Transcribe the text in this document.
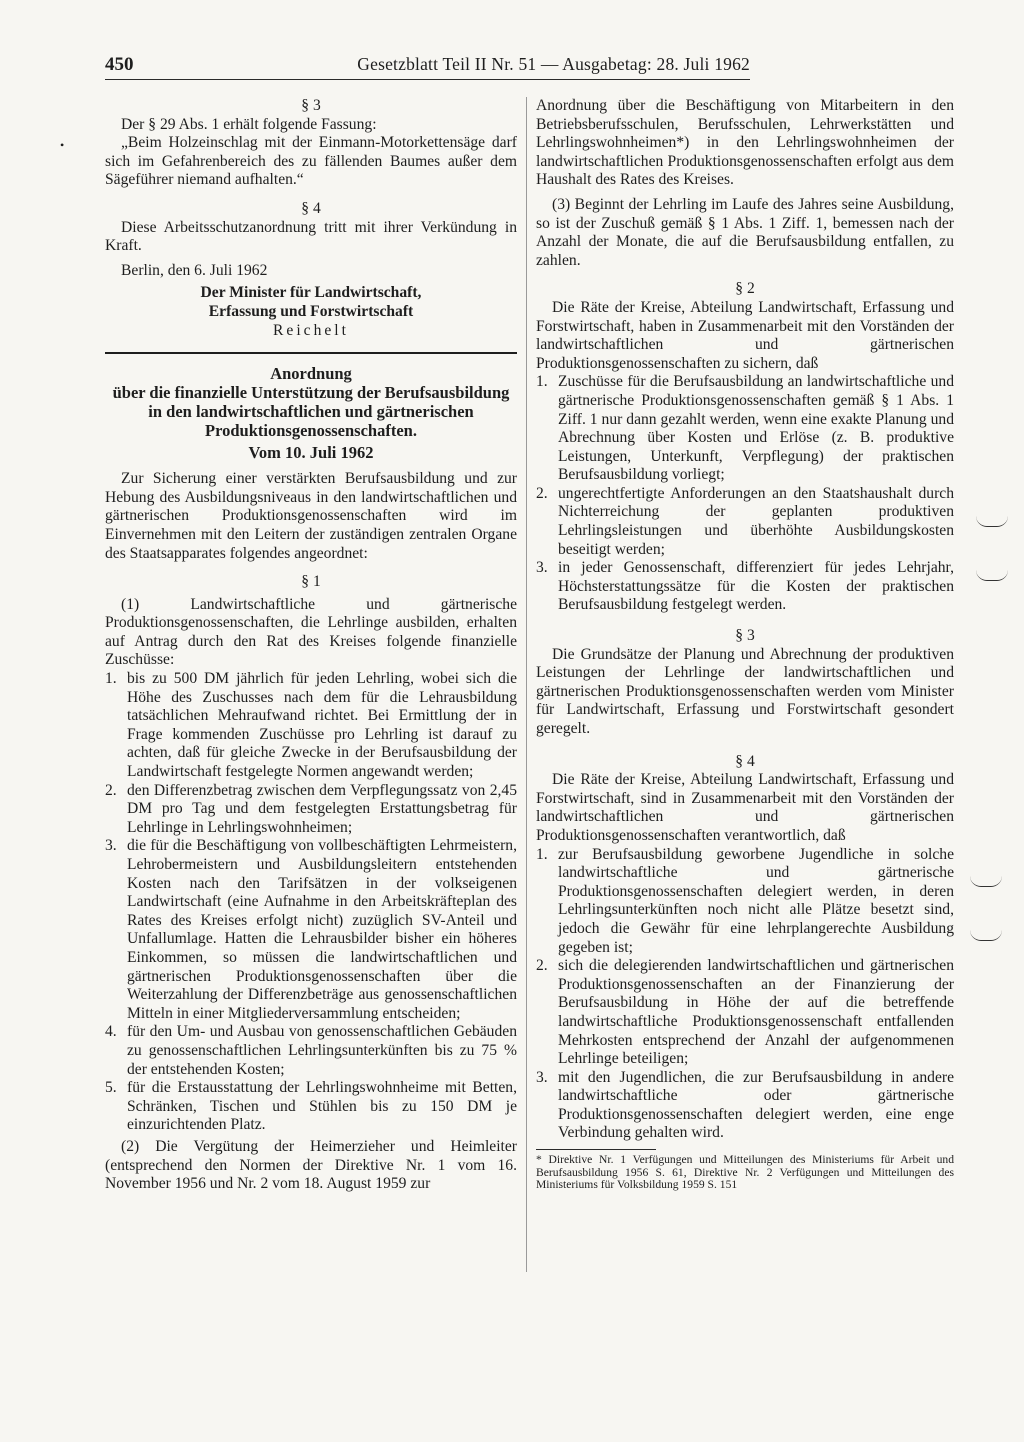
450	Gesetzblatt Teil II Nr. 51 — Ausgabetag: 28. Juli 1962

§ 3

Der § 29 Abs. 1 erhält folgende Fassung:

„Beim Holzeinschlag mit der Einmann-Motorkettensäge darf sich im Gefahrenbereich des zu fällenden Baumes außer dem Sägeführer niemand aufhalten.“

§ 4

Diese Arbeitsschutzanordnung tritt mit ihrer Verkündung in Kraft.

Berlin, den 6. Juli 1962

Der Minister für Landwirtschaft,

Erfassung und Forstwirtschaft

Reichelt

Anordnung

über die finanzielle Unterstützung der Berufsausbildung in den landwirtschaftlichen und gärtnerischen Produktionsgenossenschaften.

Vom 10. Juli 1962

Zur Sicherung einer verstärkten Berufsausbildung und zur Hebung des Ausbildungsniveaus in den landwirtschaftlichen und gärtnerischen Produktionsgenossenschaften wird im Einvernehmen mit den Leitern der zuständigen zentralen Organe des Staatsapparates folgendes angeordnet:

§ 1

(1) Landwirtschaftliche und gärtnerische Produktionsgenossenschaften, die Lehrlinge ausbilden, erhalten auf Antrag durch den Rat des Kreises folgende finanzielle Zuschüsse:

1. bis zu 500 DM jährlich für jeden Lehrling, wobei sich die Höhe des Zuschusses nach dem für die Lehrausbildung tatsächlichen Mehraufwand richtet. Bei Ermittlung der in Frage kommenden Zuschüsse pro Lehrling ist darauf zu achten, daß für gleiche Zwecke in der Berufsausbildung der Landwirtschaft festgelegte Normen angewandt werden;
2. den Differenzbetrag zwischen dem Verpflegungssatz von 2,45 DM pro Tag und dem festgelegten Erstattungsbetrag für Lehrlinge in Lehrlingswohnheimen;
3. die für die Beschäftigung von vollbeschäftigten Lehrmeistern, Lehrobermeistern und Ausbildungsleitern entstehenden Kosten nach den Tarifsätzen in der volkseigenen Landwirtschaft (eine Aufnahme in den Arbeitskräfteplan des Rates des Kreises erfolgt nicht) zuzüglich SV-Anteil und Unfallumlage. Hatten die Lehrausbilder bisher ein höheres Einkommen, so müssen die landwirtschaftlichen und gärtnerischen Produktionsgenossenschaften über die Weiterzahlung der Differenzbeträge aus genossenschaftlichen Mitteln in einer Mitgliederversammlung entscheiden;
4. für den Um- und Ausbau von genossenschaftlichen Gebäuden zu genossenschaftlichen Lehrlingsunterkünften bis zu 75 % der entstehenden Kosten;
5. für die Erstausstattung der Lehrlingswohnheime mit Betten, Schränken, Tischen und Stühlen bis zu 150 DM je einzurichtenden Platz.

(2) Die Vergütung der Heimerzieher und Heimleiter (entsprechend den Normen der Direktive Nr. 1 vom 16. November 1956 und Nr. 2 vom 18. August 1959 zur

Anordnung über die Beschäftigung von Mitarbeitern in den Betriebsberufsschulen, Berufsschulen, Lehrwerkstätten und Lehrlingswohnheimen*) in den Lehrlingswohnheimen der landwirtschaftlichen Produktionsgenossenschaften erfolgt aus dem Haushalt des Rates des Kreises.

(3) Beginnt der Lehrling im Laufe des Jahres seine Ausbildung, so ist der Zuschuß gemäß § 1 Abs. 1 Ziff. 1, bemessen nach der Anzahl der Monate, die auf die Berufsausbildung entfallen, zu zahlen.

§ 2

Die Räte der Kreise, Abteilung Landwirtschaft, Erfassung und Forstwirtschaft, haben in Zusammenarbeit mit den Vorständen der landwirtschaftlichen und gärtnerischen Produktionsgenossenschaften zu sichern, daß

1. Zuschüsse für die Berufsausbildung an landwirtschaftliche und gärtnerische Produktionsgenossenschaften gemäß § 1 Abs. 1 Ziff. 1 nur dann gezahlt werden, wenn eine exakte Planung und Abrechnung über Kosten und Erlöse (z. B. produktive Leistungen, Unterkunft, Verpflegung) der praktischen Berufsausbildung vorliegt;
2. ungerechtfertigte Anforderungen an den Staatshaushalt durch Nichterreichung der geplanten produktiven Lehrlingsleistungen und überhöhte Ausbildungskosten beseitigt werden;
3. in jeder Genossenschaft, differenziert für jedes Lehrjahr, Höchsterstattungssätze für die Kosten der praktischen Berufsausbildung festgelegt werden.

§ 3

Die Grundsätze der Planung und Abrechnung der produktiven Leistungen der Lehrlinge der landwirtschaftlichen und gärtnerischen Produktionsgenossenschaften werden vom Minister für Landwirtschaft, Erfassung und Forstwirtschaft gesondert geregelt.

§ 4

Die Räte der Kreise, Abteilung Landwirtschaft, Erfassung und Forstwirtschaft, sind in Zusammenarbeit mit den Vorständen der landwirtschaftlichen und gärtnerischen Produktionsgenossenschaften verantwortlich, daß

1. zur Berufsausbildung geworbene Jugendliche in solche landwirtschaftliche und gärtnerische Produktionsgenossenschaften delegiert werden, in deren Lehrlingsunterkünften noch nicht alle Plätze besetzt sind, jedoch die Gewähr für eine lehrplangerechte Ausbildung gegeben ist;
2. sich die delegierenden landwirtschaftlichen und gärtnerischen Produktionsgenossenschaften an der Finanzierung der Berufsausbildung in Höhe der auf die betreffende landwirtschaftliche Produktionsgenossenschaft entfallenden Mehrkosten entsprechend der Anzahl der aufgenommenen Lehrlinge beteiligen;
3. mit den Jugendlichen, die zur Berufsausbildung in andere landwirtschaftliche oder gärtnerische Produktionsgenossenschaften delegiert werden, eine enge Verbindung gehalten wird.

* Direktive Nr. 1 Verfügungen und Mitteilungen des Ministeriums für Arbeit und Berufsausbildung 1956 S. 61, Direktive Nr. 2 Verfügungen und Mitteilungen des Ministeriums für Volksbildung 1959 S. 151

•
